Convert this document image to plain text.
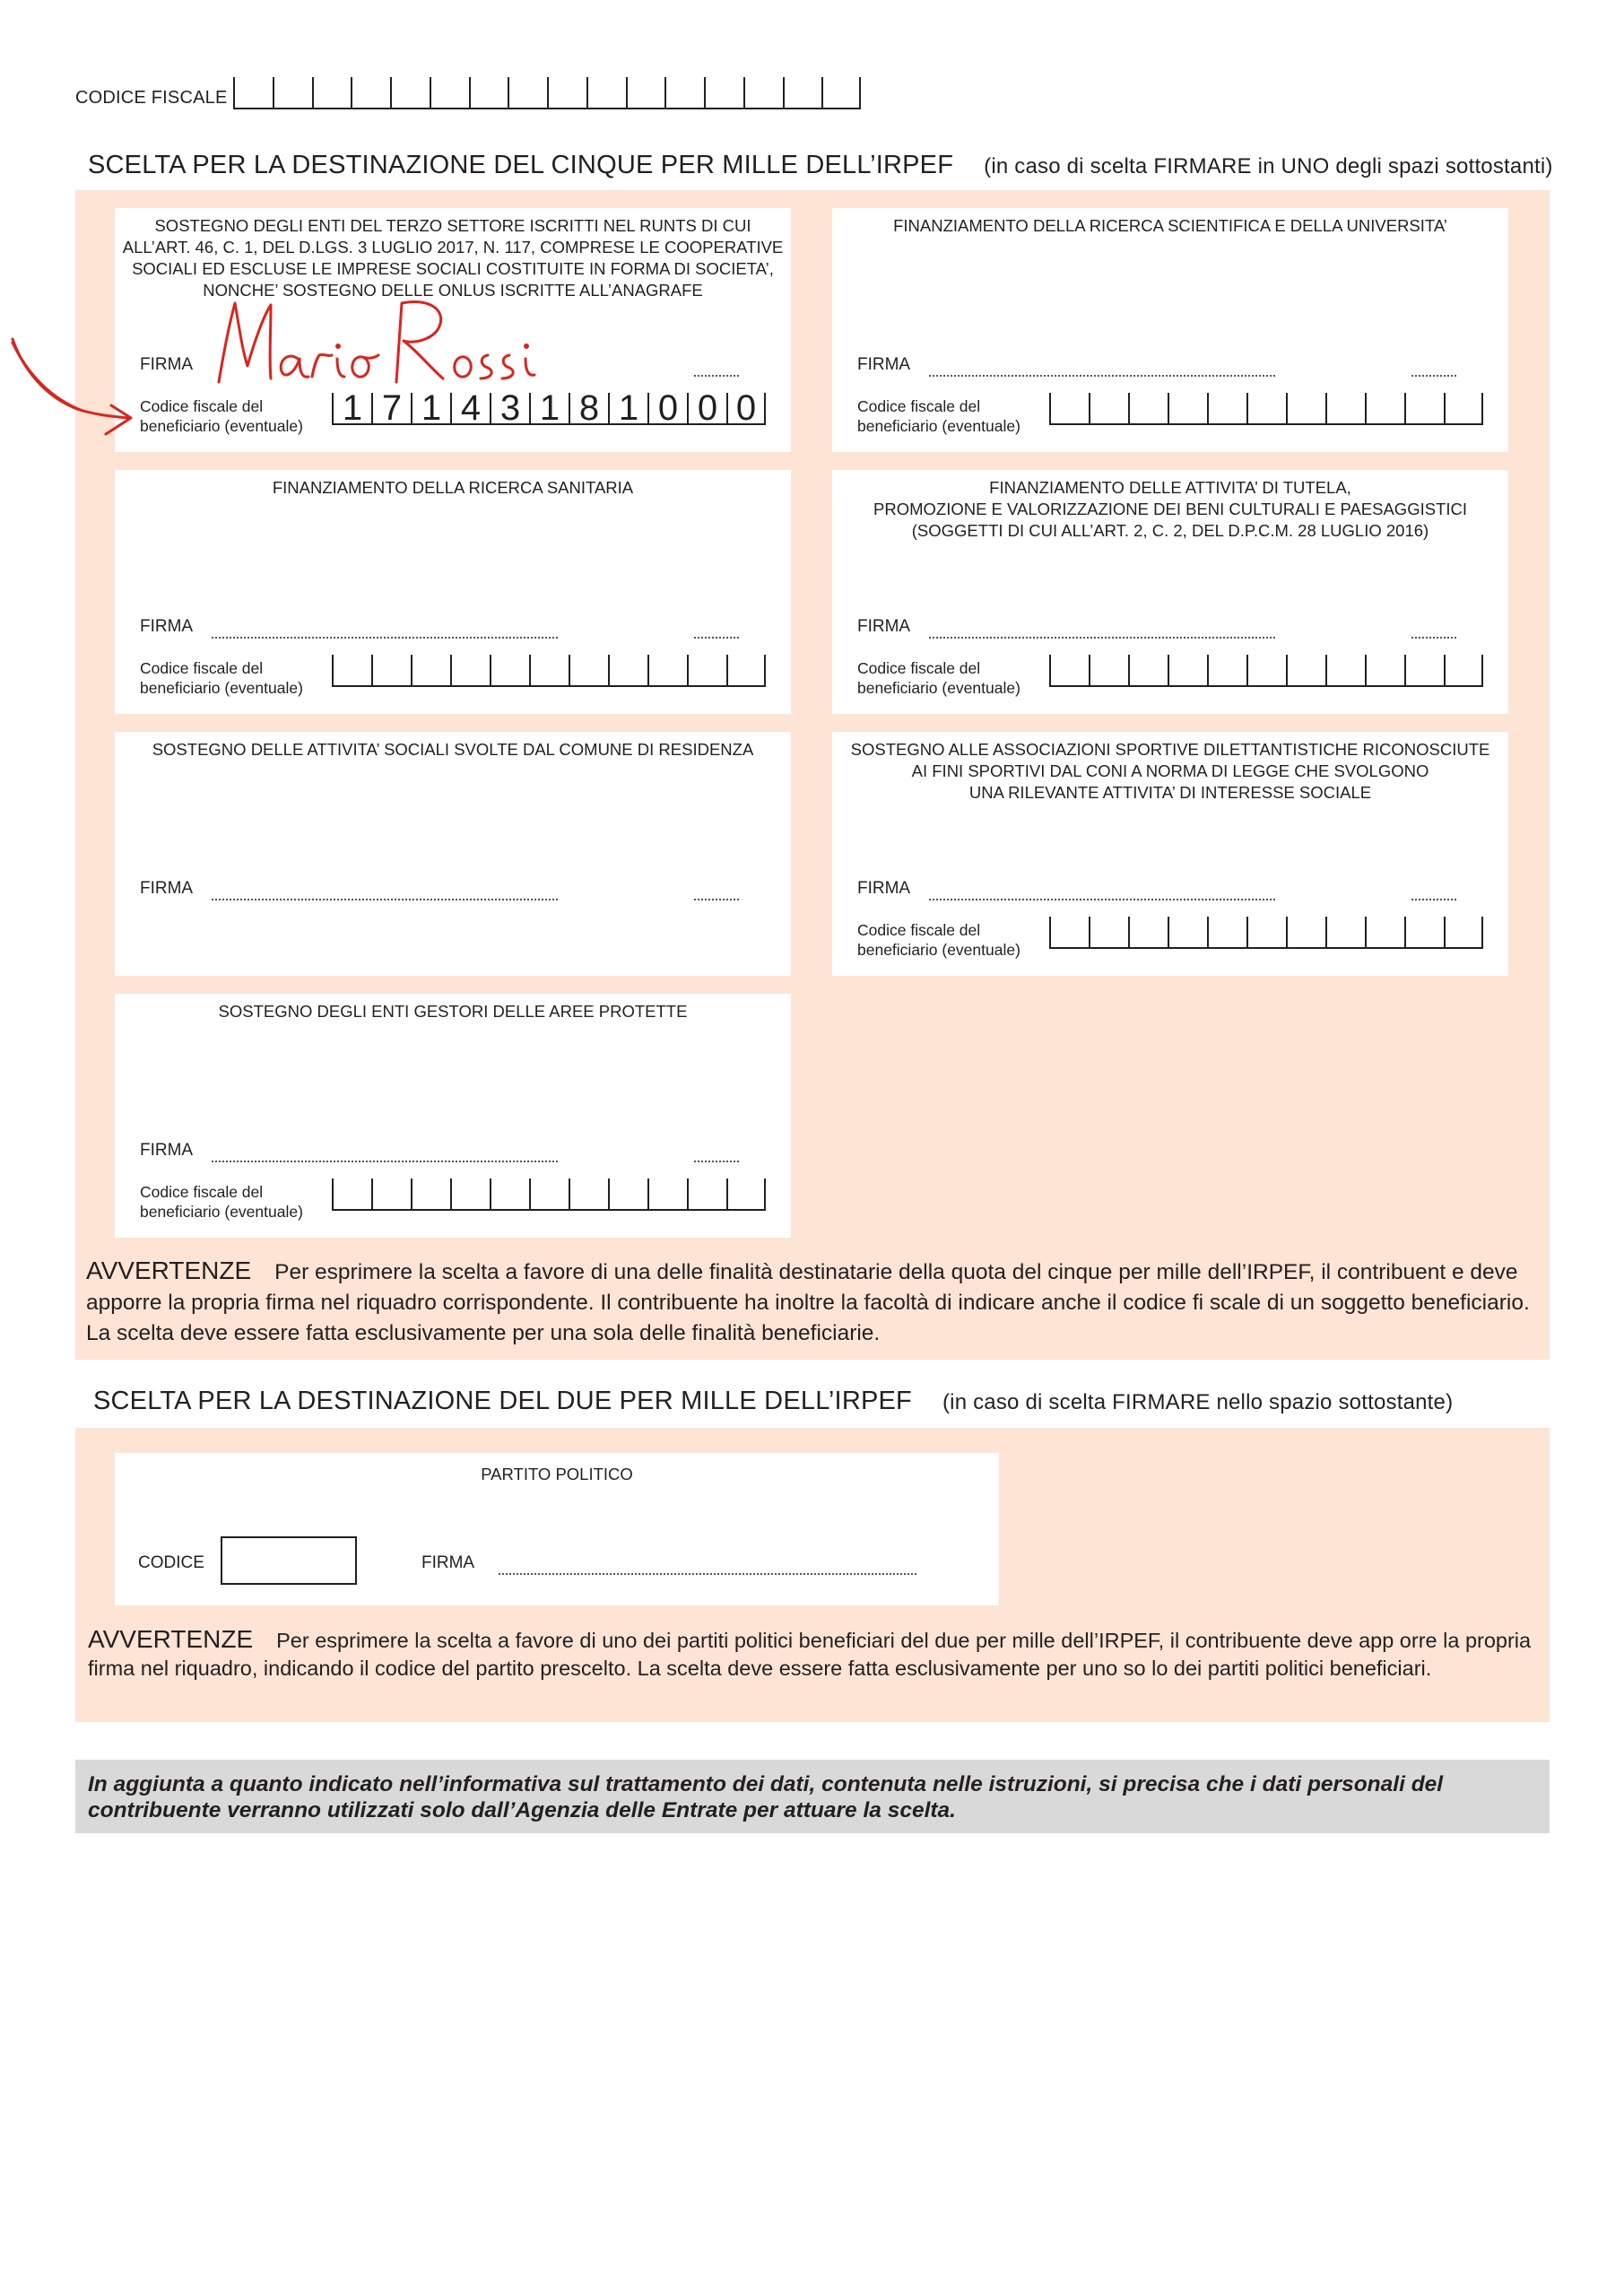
CODICE FISCALE
SCELTA PER LA DESTINAZIONE DEL CINQUE PER MILLE DELL’IRPEF (in caso di scelta FIRMARE in UNO degli spazi sottostanti)
SOSTEGNO DEGLI ENTI DEL TERZO SETTORE ISCRITTI NEL RUNTS DI CUI
ALL’ART. 46, C. 1, DEL D.LGS. 3 LUGLIO 2017, N. 117, COMPRESE LE COOPERATIVE
SOCIALI ED ESCLUSE LE IMPRESE SOCIALI COSTITUITE IN FORMA DI SOCIETA’,
NONCHE’ SOSTEGNO DELLE ONLUS ISCRITTE ALL’ANAGRAFE
FIRMA
Codice fiscale del
beneficiario (eventuale) 1 7 1 4 3 1 8 1 0 0 0
FINANZIAMENTO DELLA RICERCA SCIENTIFICA E DELLA UNIVERSITA’
FIRMA
Codice fiscale del
beneficiario (eventuale)
FINANZIAMENTO DELLA RICERCA SANITARIA
FIRMA
Codice fiscale del
beneficiario (eventuale)
FINANZIAMENTO DELLE ATTIVITA’ DI TUTELA,
PROMOZIONE E VALORIZZAZIONE DEI BENI CULTURALI E PAESAGGISTICI
(SOGGETTI DI CUI ALL’ART. 2, C. 2, DEL D.P.C.M. 28 LUGLIO 2016)
FIRMA
Codice fiscale del
beneficiario (eventuale)
SOSTEGNO DELLE ATTIVITA’ SOCIALI SVOLTE DAL COMUNE DI RESIDENZA
FIRMA
SOSTEGNO ALLE ASSOCIAZIONI SPORTIVE DILETTANTISTICHE RICONOSCIUTE
AI FINI SPORTIVI DAL CONI A NORMA DI LEGGE CHE SVOLGONO
UNA RILEVANTE ATTIVITA’ DI INTERESSE SOCIALE
FIRMA
Codice fiscale del
beneficiario (eventuale)
SOSTEGNO DEGLI ENTI GESTORI DELLE AREE PROTETTE
FIRMA
Codice fiscale del
beneficiario (eventuale)
AVVERTENZE Per esprimere la scelta a favore di una delle finalità destinatarie della quota del cinque per mille dell’IRPEF, il contribuent e deve apporre la propria firma nel riquadro corrispondente. Il contribuente ha inoltre la facoltà di indicare anche il codice fi scale di un soggetto beneficiario. La scelta deve essere fatta esclusivamente per una sola delle finalità beneficiarie.
SCELTA PER LA DESTINAZIONE DEL DUE PER MILLE DELL’IRPEF (in caso di scelta FIRMARE nello spazio sottostante)
PARTITO POLITICO
CODICE	FIRMA
AVVERTENZE Per esprimere la scelta a favore di uno dei partiti politici beneficiari del due per mille dell’IRPEF, il contribuente deve app orre la propria firma nel riquadro, indicando il codice del partito prescelto. La scelta deve essere fatta esclusivamente per uno so lo dei partiti politici beneficiari.
In aggiunta a quanto indicato nell’informativa sul trattamento dei dati, contenuta nelle istruzioni, si precisa che i dati personali del contribuente verranno utilizzati solo dall’Agenzia delle Entrate per attuare la scelta.
